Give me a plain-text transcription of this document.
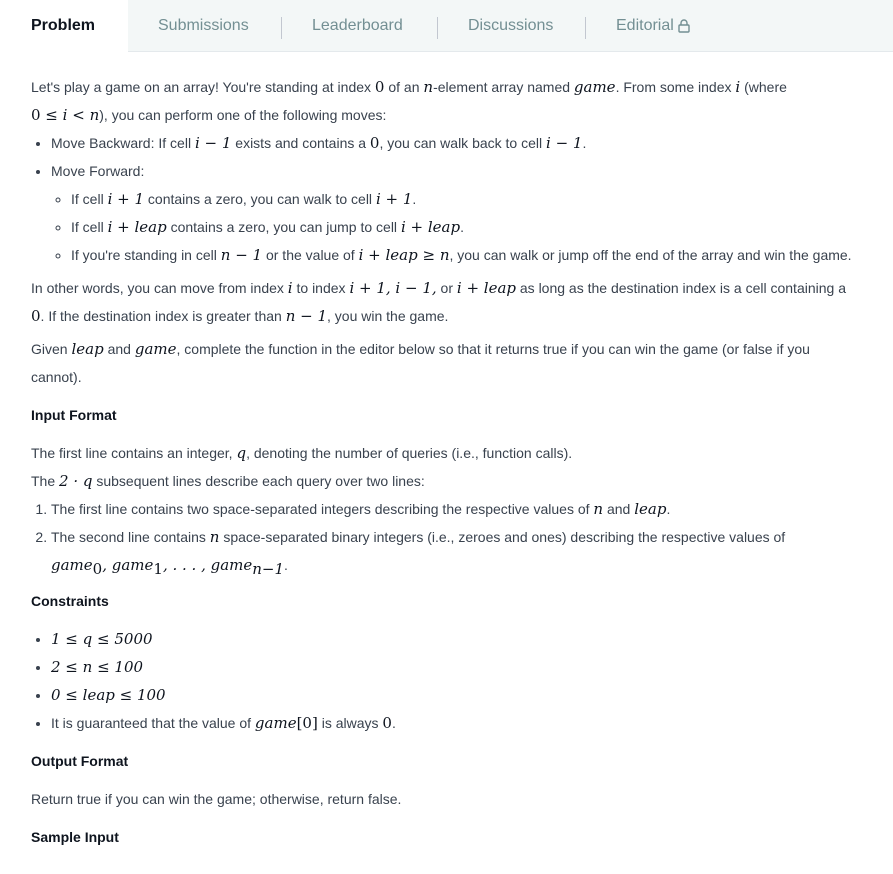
Problem	Submissions	Leaderboard	Discussions	Editorial

Let's play a game on an array! You're standing at index 0 of an n-element array named game. From some index i (where
0 ≤ i < n), you can perform one of the following moves:

• Move Backward: If cell i − 1 exists and contains a 0, you can walk back to cell i − 1.
• Move Forward:
◦ If cell i + 1 contains a zero, you can walk to cell i + 1.
◦ If cell i + leap contains a zero, you can jump to cell i + leap.
◦ If you're standing in cell n − 1 or the value of i + leap ≥ n, you can walk or jump off the end of the array and win the game.

In other words, you can move from index i to index i + 1, i − 1, or i + leap as long as the destination index is a cell containing a 0. If the destination index is greater than n − 1, you win the game.

Given leap and game, complete the function in the editor below so that it returns true if you can win the game (or false if you cannot).

Input Format

The first line contains an integer, q, denoting the number of queries (i.e., function calls).

The 2 · q subsequent lines describe each query over two lines:

1. The first line contains two space-separated integers describing the respective values of n and leap.
2. The second line contains n space-separated binary integers (i.e., zeroes and ones) describing the respective values of
game$_0$, game$_1$, . . . , game$_{n-1}$.

Constraints

• 1 ≤ q ≤ 5000
• 2 ≤ n ≤ 100
• 0 ≤ leap ≤ 100
• It is guaranteed that the value of game[0] is always 0.

Output Format

Return true if you can win the game; otherwise, return false.

Sample Input
